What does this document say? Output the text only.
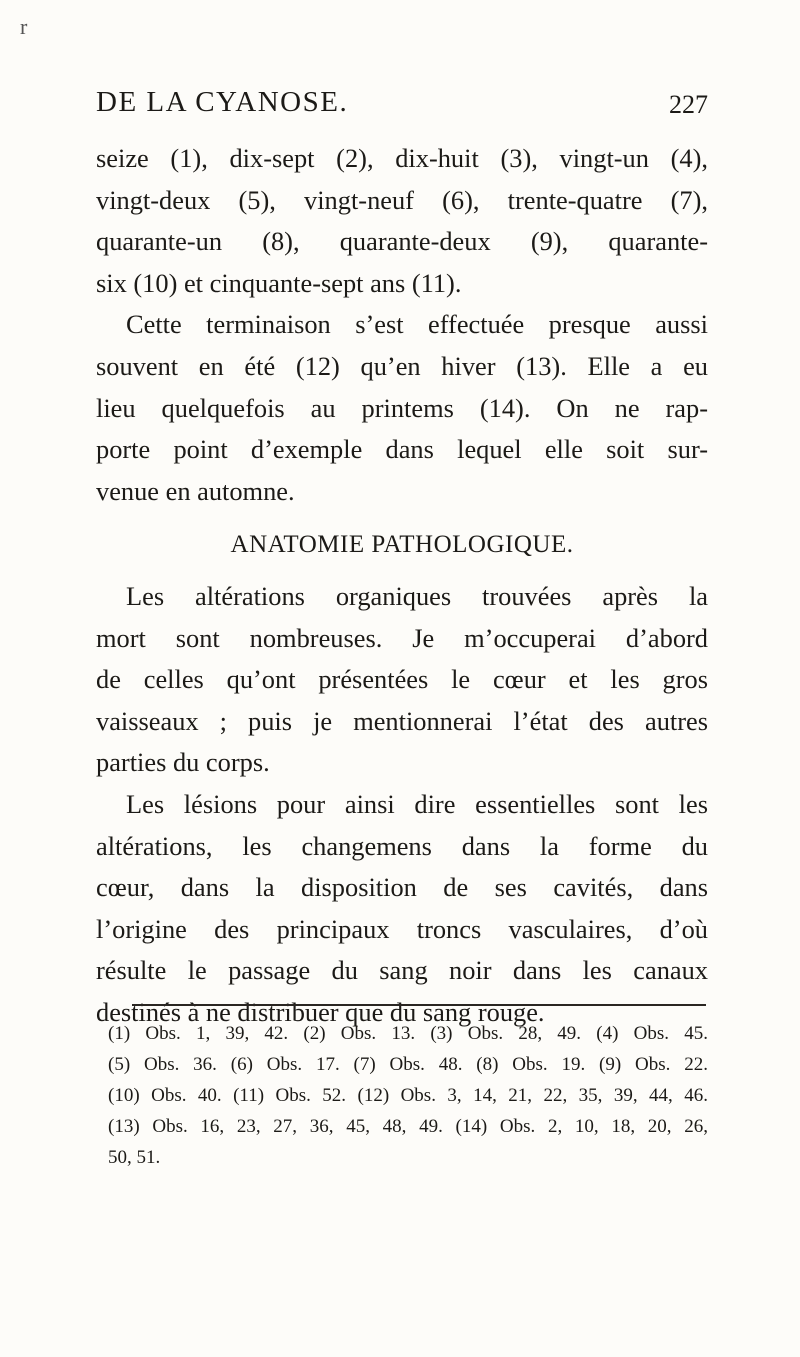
r
DE LA CYANOSE.	227
seize (1), dix-sept (2), dix-huit (3), vingt-un (4),
vingt-deux (5), vingt-neuf (6), trente-quatre (7),
quarante-un (8), quarante-deux (9), quarante-
six (10) et cinquante-sept ans (11).
Cette terminaison s’est effectuée presque aussi
souvent en été (12) qu’en hiver (13). Elle a eu
lieu quelquefois au printems (14). On ne rap-
porte point d’exemple dans lequel elle soit sur-
venue en automne.
ANATOMIE PATHOLOGIQUE.
Les altérations organiques trouvées après la
mort sont nombreuses. Je m’occuperai d’abord
de celles qu’ont présentées le cœur et les gros
vaisseaux ; puis je mentionnerai l’état des autres
parties du corps.
Les lésions pour ainsi dire essentielles sont les
altérations, les changemens dans la forme du
cœur, dans la disposition de ses cavités, dans
l’origine des principaux troncs vasculaires, d’où
résulte le passage du sang noir dans les canaux
destinés à ne distribuer que du sang rouge.
(1) Obs. 1, 39, 42. (2) Obs. 13. (3) Obs. 28, 49. (4) Obs. 45.
(5) Obs. 36. (6) Obs. 17. (7) Obs. 48. (8) Obs. 19. (9) Obs. 22.
(10) Obs. 40. (11) Obs. 52. (12) Obs. 3, 14, 21, 22, 35, 39, 44, 46.
(13) Obs. 16, 23, 27, 36, 45, 48, 49. (14) Obs. 2, 10, 18, 20, 26,
50, 51.
